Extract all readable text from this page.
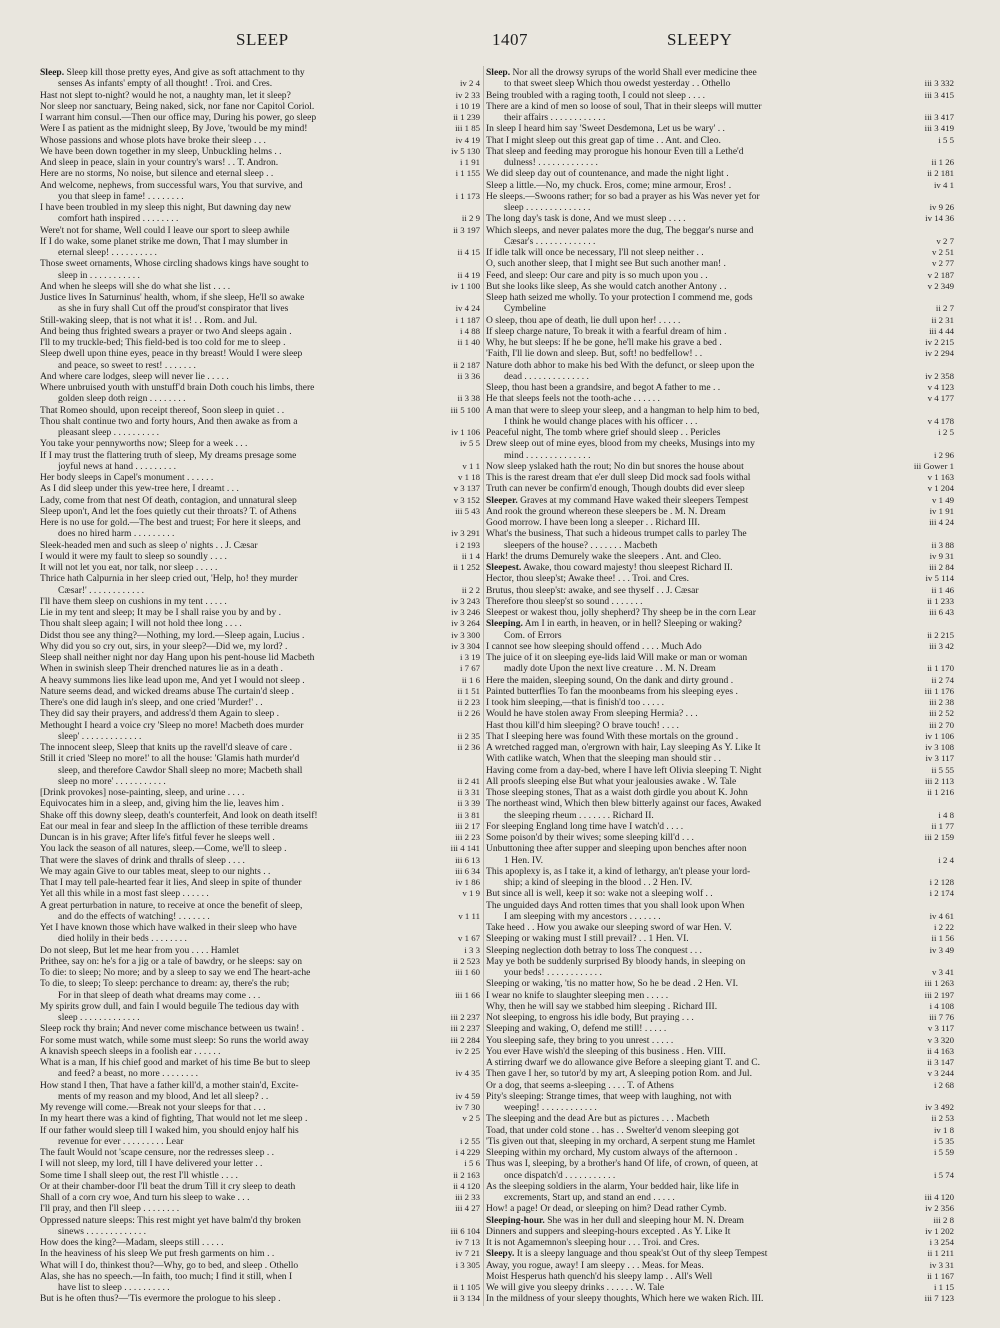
SLEEP	1407	SLEEPY
Sleep. Sleep kill those pretty eyes, And give as soft attachment to thy
senses As infants' empty of all thought! . Troi. and Cres.	iv 2 4
Hast not slept to-night? would he not, a naughty man, let it sleep?	iv 2 33
Nor sleep nor sanctuary, Being naked, sick, nor fane nor Capitol Coriol.	i 10 19
I warrant him consul.—Then our office may, During his power, go sleep	ii 1 239
Were I as patient as the midnight sleep, By Jove, 'twould be my mind!	iii 1 85
Whose passions and whose plots have broke their sleep . . .	iv 4 19
We have been down together in my sleep, Unbuckling helms . .	iv 5 130
And sleep in peace, slain in your country's wars! . . T. Andron.	i 1 91
Here are no storms, No noise, but silence and eternal sleep . .	i 1 155
And welcome, nephews, from successful wars, You that survive, and
you that sleep in fame! . . . . . . . .	i 1 173
I have been troubled in my sleep this night, But dawning day new
comfort hath inspired . . . . . . . .	ii 2 9
Were't not for shame, Well could I leave our sport to sleep awhile	ii 3 197
If I do wake, some planet strike me down, That I may slumber in
eternal sleep! . . . . . . . . . .	ii 4 15
Those sweet ornaments, Whose circling shadows kings have sought to
sleep in . . . . . . . . . . .	ii 4 19
And when he sleeps will she do what she list . . . .	iv 1 100
Justice lives In Saturninus' health, whom, if she sleep, He'll so awake
as she in fury shall Cut off the proud'st conspirator that lives	iv 4 24
Still-waking sleep, that is not what it is! . . Rom. and Jul.	i 1 187
And being thus frighted swears a prayer or two And sleeps again .	i 4 88
I'll to my truckle-bed; This field-bed is too cold for me to sleep .	ii 1 40
Sleep dwell upon thine eyes, peace in thy breast! Would I were sleep
and peace, so sweet to rest! . . . . . . .	ii 2 187
And where care lodges, sleep will never lie . . . . .	ii 3 36
Where unbruised youth with unstuff'd brain Doth couch his limbs, there
golden sleep doth reign . . . . . . . .	ii 3 38
That Romeo should, upon receipt thereof, Soon sleep in quiet . .	iii 5 100
Thou shalt continue two and forty hours, And then awake as from a
pleasant sleep . . . . . . . . . .	iv 1 106
You take your pennyworths now; Sleep for a week . . .	iv 5 5
If I may trust the flattering truth of sleep, My dreams presage some
joyful news at hand . . . . . . . . .	v 1 1
Her body sleeps in Capel's monument . . . . . .	v 1 18
As I did sleep under this yew-tree here, I dreamt . . .	v 3 137
Lady, come from that nest Of death, contagion, and unnatural sleep	v 3 152
Sleep upon't, And let the foes quietly cut their throats? T. of Athens	iii 5 43
Here is no use for gold.—The best and truest; For here it sleeps, and
does no hired harm . . . . . . . . .	iv 3 291
Sleek-headed men and such as sleep o' nights . . J. Cæsar	i 2 193
I would it were my fault to sleep so soundly . . . .	ii 1 4
It will not let you eat, nor talk, nor sleep . . . . .	ii 1 252
Thrice hath Calpurnia in her sleep cried out, 'Help, ho! they murder
Cæsar!' . . . . . . . . . . . .	ii 2 2
I'll have them sleep on cushions in my tent . . . . .	iv 3 243
Lie in my tent and sleep; It may be I shall raise you by and by .	iv 3 246
Thou shalt sleep again; I will not hold thee long . . . .	iv 3 264
Didst thou see any thing?—Nothing, my lord.—Sleep again, Lucius .	iv 3 300
Why did you so cry out, sirs, in your sleep?—Did we, my lord? .	iv 3 304
Sleep shall neither night nor day Hang upon his pent-house lid Macbeth	i 3 19
When in swinish sleep Their drenched natures lie as in a death .	i 7 67
A heavy summons lies like lead upon me, And yet I would not sleep .	ii 1 6
Nature seems dead, and wicked dreams abuse The curtain'd sleep .	ii 1 51
There's one did laugh in's sleep, and one cried 'Murder!' . .	ii 2 23
They did say their prayers, and address'd them Again to sleep .	ii 2 26
Methought I heard a voice cry 'Sleep no more! Macbeth does murder
sleep' . . . . . . . . . . . . .	ii 2 35
The innocent sleep, Sleep that knits up the ravell'd sleave of care .	ii 2 36
Still it cried 'Sleep no more!' to all the house: 'Glamis hath murder'd
sleep, and therefore Cawdor Shall sleep no more; Macbeth shall
sleep no more' . . . . . . . . . . .	ii 2 41
[Drink provokes] nose-painting, sleep, and urine . . . .	ii 3 31
Equivocates him in a sleep, and, giving him the lie, leaves him .	ii 3 39
Shake off this downy sleep, death's counterfeit, And look on death itself!	ii 3 81
Eat our meal in fear and sleep In the affliction of these terrible dreams	iii 2 17
Duncan is in his grave; After life's fitful fever he sleeps well .	iii 2 23
You lack the season of all natures, sleep.—Come, we'll to sleep .	iii 4 141
That were the slaves of drink and thralls of sleep . . . .	iii 6 13
We may again Give to our tables meat, sleep to our nights . .	iii 6 34
That I may tell pale-hearted fear it lies, And sleep in spite of thunder	iv 1 86
Yet all this while in a most fast sleep . . . . . .	v 1 9
A great perturbation in nature, to receive at once the benefit of sleep,
and do the effects of watching! . . . . . . .	v 1 11
Yet I have known those which have walked in their sleep who have
died holily in their beds . . . . . . . .	v 1 67
Do not sleep, But let me hear from you . . . . Hamlet	i 3 3
Prithee, say on: he's for a jig or a tale of bawdry, or he sleeps: say on	ii 2 523
To die: to sleep; No more; and by a sleep to say we end The heart-ache	iii 1 60
To die, to sleep; To sleep: perchance to dream: ay, there's the rub;
For in that sleep of death what dreams may come . . .	iii 1 66
My spirits grow dull, and fain I would beguile The tedious day with
sleep . . . . . . . . . . . . .	iii 2 237
Sleep rock thy brain; And never come mischance between us twain! .	iii 2 237
For some must watch, while some must sleep: So runs the world away	iii 2 284
A knavish speech sleeps in a foolish ear . . . . . .	iv 2 25
What is a man, If his chief good and market of his time Be but to sleep
and feed? a beast, no more . . . . . . . .	iv 4 35
How stand I then, That have a father kill'd, a mother stain'd, Excite-
ments of my reason and my blood, And let all sleep? . .	iv 4 59
My revenge will come.—Break not your sleeps for that . . .	iv 7 30
In my heart there was a kind of fighting, That would not let me sleep .	v 2 5
If our father would sleep till I waked him, you should enjoy half his
revenue for ever . . . . . . . . . Lear	i 2 55
The fault Would not 'scape censure, nor the redresses sleep . .	i 4 229
I will not sleep, my lord, till I have delivered your letter . .	i 5 6
Some time I shall sleep out, the rest I'll whistle . . . .	ii 2 163
Or at their chamber-door I'll beat the drum Till it cry sleep to death	ii 4 120
Shall of a corn cry woe, And turn his sleep to wake . . .	iii 2 33
I'll pray, and then I'll sleep . . . . . . . .	iii 4 27
Oppressed nature sleeps: This rest might yet have balm'd thy broken
sinews . . . . . . . . . . . . .	iii 6 104
How does the king?—Madam, sleeps still . . . . .	iv 7 13
In the heaviness of his sleep We put fresh garments on him . .	iv 7 21
What will I do, thinkest thou?—Why, go to bed, and sleep . Othello	i 3 305
Alas, she has no speech.—In faith, too much; I find it still, when I
have list to sleep . . . . . . . . . .	ii 1 105
But is he often thus?—'Tis evermore the prologue to his sleep .	ii 3 134
Sleep. Nor all the drowsy syrups of the world Shall ever medicine thee
to that sweet sleep Which thou owedst yesterday . . Othello	iii 3 332
Being troubled with a raging tooth, I could not sleep . . . .	iii 3 415
There are a kind of men so loose of soul, That in their sleeps will mutter
their affairs . . . . . . . . . . . .	iii 3 417
In sleep I heard him say 'Sweet Desdemona, Let us be wary' . .	iii 3 419
That I might sleep out this great gap of time . . Ant. and Cleo.	i 5 5
That sleep and feeding may prorogue his honour Even till a Lethe'd
dulness! . . . . . . . . . . . . .	ii 1 26
We did sleep day out of countenance, and made the night light .	ii 2 181
Sleep a little.—No, my chuck. Eros, come; mine armour, Eros! .	iv 4 1
He sleeps.—Swoons rather; for so bad a prayer as his Was never yet for
sleep . . . . . . . . . . . . . .	iv 9 26
The long day's task is done, And we must sleep . . . .	iv 14 36
Which sleeps, and never palates more the dug, The beggar's nurse and
Cæsar's . . . . . . . . . . . . .	v 2 7
If idle talk will once be necessary, I'll not sleep neither . .	v 2 51
O, such another sleep, that I might see But such another man! .	v 2 77
Feed, and sleep: Our care and pity is so much upon you . .	v 2 187
But she looks like sleep, As she would catch another Antony . .	v 2 349
Sleep hath seized me wholly. To your protection I commend me, gods
Cymbeline	ii 2 7
O sleep, thou ape of death, lie dull upon her! . . . . .	ii 2 31
If sleep charge nature, To break it with a fearful dream of him .	iii 4 44
Why, he but sleeps: If he be gone, he'll make his grave a bed .	iv 2 215
'Faith, I'll lie down and sleep. But, soft! no bedfellow! . .	iv 2 294
Nature doth abhor to make his bed With the defunct, or sleep upon the
dead . . . . . . . . . . . . . .	iv 2 358
Sleep, thou hast been a grandsire, and begot A father to me . .	v 4 123
He that sleeps feels not the tooth-ache . . . . . .	v 4 177
A man that were to sleep your sleep, and a hangman to help him to bed,
I think he would change places with his officer . . .	v 4 178
Peaceful night, The tomb where grief should sleep . . Pericles	i 2 5
Drew sleep out of mine eyes, blood from my cheeks, Musings into my
mind . . . . . . . . . . . . . .	i 2 96
Now sleep yslaked hath the rout; No din but snores the house about	iii Gower 1
This is the rarest dream that e'er dull sleep Did mock sad fools withal	v 1 163
Truth can never be confirm'd enough, Though doubts did ever sleep	v 1 204
Sleeper. Graves at my command Have waked their sleepers Tempest	v 1 49
And rook the ground whereon these sleepers be . M. N. Dream	iv 1 91
Good morrow. I have been long a sleeper . . Richard III.	iii 4 24
What's the business, That such a hideous trumpet calls to parley The
sleepers of the house? . . . . . . . Macbeth	ii 3 88
Hark! the drums Demurely wake the sleepers . Ant. and Cleo.	iv 9 31
Sleepest. Awake, thou coward majesty! thou sleepest Richard II.	iii 2 84
Hector, thou sleep'st; Awake thee! . . . Troi. and Cres.	iv 5 114
Brutus, thou sleep'st: awake, and see thyself . . J. Cæsar	ii 1 46
Therefore thou sleep'st so sound . . . . . . .	ii 1 233
Sleepest or wakest thou, jolly shepherd? Thy sheep be in the corn Lear	iii 6 43
Sleeping. Am I in earth, in heaven, or in hell? Sleeping or waking?
Com. of Errors	ii 2 215
I cannot see how sleeping should offend . . . . Much Ado	iii 3 42
The juice of it on sleeping eye-lids laid Will make or man or woman
madly dote Upon the next live creature . . M. N. Dream	ii 1 170
Here the maiden, sleeping sound, On the dank and dirty ground .	ii 2 74
Painted butterflies To fan the moonbeams from his sleeping eyes .	iii 1 176
I took him sleeping,—that is finish'd too . . . . .	iii 2 38
Would he have stolen away From sleeping Hermia? . . .	iii 2 52
Hast thou kill'd him sleeping? O brave touch! . . . .	iii 2 70
That I sleeping here was found With these mortals on the ground .	iv 1 106
A wretched ragged man, o'ergrown with hair, Lay sleeping As Y. Like It	iv 3 108
With catlike watch, When that the sleeping man should stir . .	iv 3 117
Having come from a day-bed, where I have left Olivia sleeping T. Night	ii 5 55
All proofs sleeping else But what your jealousies awake . W. Tale	iii 2 113
Those sleeping stones, That as a waist doth girdle you about K. John	ii 1 216
The northeast wind, Which then blew bitterly against our faces, Awaked
the sleeping rheum . . . . . . . Richard II.	i 4 8
For sleeping England long time have I watch'd . . . .	ii 1 77
Some poison'd by their wives; some sleeping kill'd . . .	iii 2 159
Unbuttoning thee after supper and sleeping upon benches after noon
1 Hen. IV.	i 2 4
This apoplexy is, as I take it, a kind of lethargy, an't please your lord-
ship; a kind of sleeping in the blood . . 2 Hen. IV.	i 2 128
But since all is well, keep it so: wake not a sleeping wolf . .	i 2 174
The unguided days And rotten times that you shall look upon When
I am sleeping with my ancestors . . . . . . .	iv 4 61
Take heed . . How you awake our sleeping sword of war Hen. V.	i 2 22
Sleeping or waking must I still prevail? . . 1 Hen. VI.	ii 1 56
Sleeping neglection doth betray to loss The conquest . . .	iv 3 49
May ye both be suddenly surprised By bloody hands, in sleeping on
your beds! . . . . . . . . . . . .	v 3 41
Sleeping or waking, 'tis no matter how, So he be dead . 2 Hen. VI.	iii 1 263
I wear no knife to slaughter sleeping men . . . . .	iii 2 197
Why, then he will say we stabbed him sleeping . Richard III.	i 4 108
Not sleeping, to engross his idle body, But praying . . .	iii 7 76
Sleeping and waking, O, defend me still! . . . . .	v 3 117
You sleeping safe, they bring to you unrest . . . . .	v 3 320
You ever Have wish'd the sleeping of this business . Hen. VIII.	ii 4 163
A stirring dwarf we do allowance give Before a sleeping giant T. and C.	ii 3 147
Then gave I her, so tutor'd by my art, A sleeping potion Rom. and Jul.	v 3 244
Or a dog, that seems a-sleeping . . . . T. of Athens	i 2 68
Pity's sleeping: Strange times, that weep with laughing, not with
weeping! . . . . . . . . . . . .	iv 3 492
The sleeping and the dead Are but as pictures . . . Macbeth	ii 2 53
Toad, that under cold stone . . has . . Swelter'd venom sleeping got	iv 1 8
'Tis given out that, sleeping in my orchard, A serpent stung me Hamlet	i 5 35
Sleeping within my orchard, My custom always of the afternoon .	i 5 59
Thus was I, sleeping, by a brother's hand Of life, of crown, of queen, at
once dispatch'd . . . . . . . . . . .	i 5 74
As the sleeping soldiers in the alarm, Your bedded hair, like life in
excrements, Start up, and stand an end . . . . .	iii 4 120
How! a page! Or dead, or sleeping on him? Dead rather Cymb.	iv 2 356
Sleeping-hour. She was in her dull and sleeping hour M. N. Dream	iii 2 8
Dinners and suppers and sleeping-hours excepted . As Y. Like It	iv 1 202
It is not Agamemnon's sleeping hour . . . Troi. and Cres.	i 3 254
Sleepy. It is a sleepy language and thou speak'st Out of thy sleep Tempest	ii 1 211
Away, you rogue, away! I am sleepy . . . Meas. for Meas.	iv 3 31
Moist Hesperus hath quench'd his sleepy lamp . . All's Well	ii 1 167
We will give you sleepy drinks . . . . . . W. Tale	i 1 15
In the mildness of your sleepy thoughts, Which here we waken Rich. III.	iii 7 123
